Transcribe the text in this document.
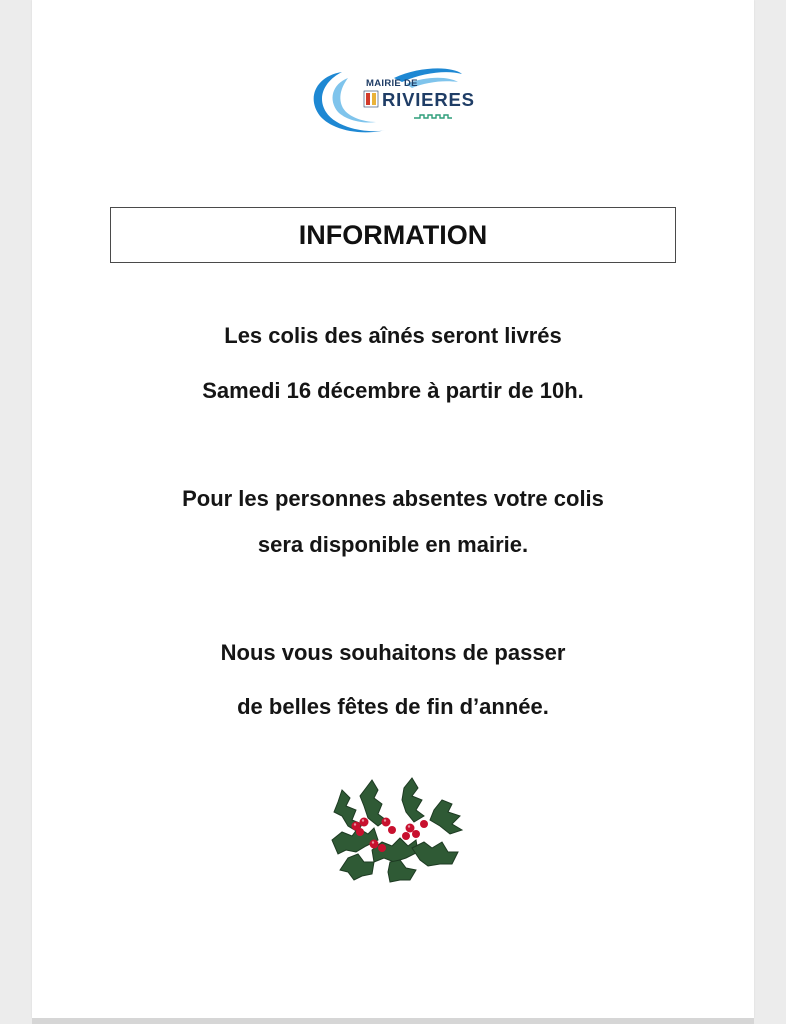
MAIRIE DE
RIVIERES
INFORMATION
Les colis des aînés seront livrés
Samedi 16 décembre à partir de 10h.
Pour les personnes absentes votre colis
sera disponible en mairie.
Nous vous souhaitons de passer
de belles fêtes de fin d’année.
